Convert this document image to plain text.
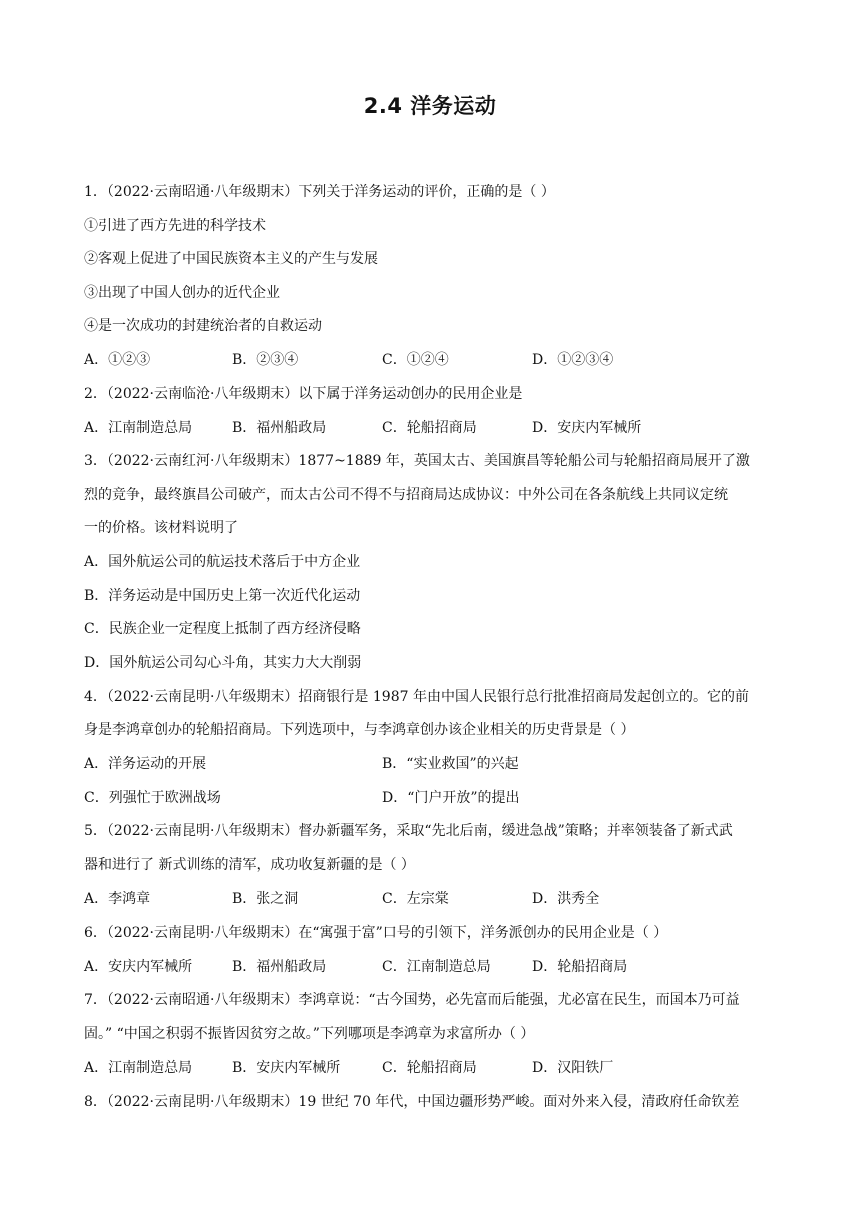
2.4 洋务运动
1．（2022·云南昭通·八年级期末）下列关于洋务运动的评价，正确的是（ ）
①引进了西方先进的科学技术
②客观上促进了中国民族资本主义的产生与发展
③出现了中国人创办的近代企业
④是一次成功的封建统治者的自救运动
A．①②③	B．②③④	C．①②④	D．①②③④
2．（2022·云南临沧·八年级期末）以下属于洋务运动创办的民用企业是
A．江南制造总局	B．福州船政局	C．轮船招商局	D．安庆内军械所
3．（2022·云南红河·八年级期末）1877~1889 年，英国太古、美国旗昌等轮船公司与轮船招商局展开了激
烈的竞争，最终旗昌公司破产，而太古公司不得不与招商局达成协议：中外公司在各条航线上共同议定统
一的价格。该材料说明了
A．国外航运公司的航运技术落后于中方企业
B．洋务运动是中国历史上第一次近代化运动
C．民族企业一定程度上抵制了西方经济侵略
D．国外航运公司勾心斗角，其实力大大削弱
4．（2022·云南昆明·八年级期末）招商银行是 1987 年由中国人民银行总行批准招商局发起创立的。它的前
身是李鸿章创办的轮船招商局。下列选项中，与李鸿章创办该企业相关的历史背景是（ ）
A．洋务运动的开展	B．“实业救国”的兴起
C．列强忙于欧洲战场	D．“门户开放”的提出
5．（2022·云南昆明·八年级期末）督办新疆军务，采取“先北后南，缓进急战”策略；并率领装备了新式武
器和进行了 新式训练的清军，成功收复新疆的是（ ）
A．李鸿章	B．张之洞	C．左宗棠	D．洪秀全
6．（2022·云南昆明·八年级期末）在“寓强于富”口号的引领下，洋务派创办的民用企业是（ ）
A．安庆内军械所	B．福州船政局	C．江南制造总局	D．轮船招商局
7．（2022·云南昭通·八年级期末）李鸿章说：“古今国势，必先富而后能强，尤必富在民生，而国本乃可益
固。” “中国之积弱不振皆因贫穷之故。”下列哪项是李鸿章为求富所办（ ）
A．江南制造总局	B．安庆内军械所	C．轮船招商局	D．汉阳铁厂
8．（2022·云南昆明·八年级期末）19 世纪 70 年代，中国边疆形势严峻。面对外来入侵，清政府任命钦差
